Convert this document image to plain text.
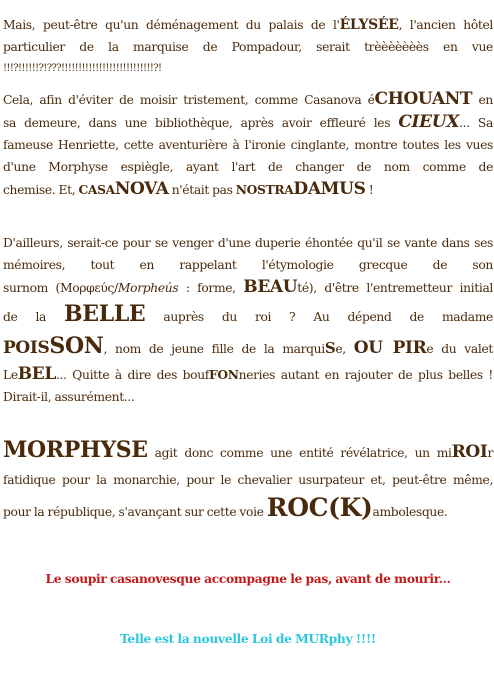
Mais, peut-être qu'un déménagement du palais de l'ÉLYSÉE, l'ancien hôtel
particulier de la marquise de Pompadour, serait trèèèèèèès en vue
!!!?!!!!!!?!???!!!!!!!!!!!!!!!!!!!!!!!!!!!?!
Cela, afin d'éviter de moisir tristement, comme Casanova éCHOUANT en
sa demeure, dans une bibliothèque, après avoir effleuré les CIEUX... Sa
fameuse Henriette, cette aventurière à l'ironie cinglante, montre toutes les vues
d'une Morphyse espiègle, ayant l'art de changer de nom comme de
chemise. Et, CASANOVA n'était pas NOSTRADAMUS !
D'ailleurs, serait-ce pour se venger d'une duperie éhontée qu'il se vante dans ses
mémoires, tout en rappelant l'étymologie grecque de son
surnom (Μορφεύς/Morpheús : forme, BEAUté), d'être l'entremetteur initial
de la BELLE auprès du roi ? Au dépend de madame
POISSON, nom de jeune fille de la marquiSe, OU PIRe du valet
LeBEL... Quitte à dire des boufFONneries autant en rajouter de plus belles !
Dirait-il, assurément...
MORPHYSE agit donc comme une entité révélatrice, un miROIr
fatidique pour la monarchie, pour le chevalier usurpateur et, peut-être même,
pour la république, s'avançant sur cette voie ROC(K)ambolesque.
Le soupir casanovesque accompagne le pas, avant de mourir...
Telle est la nouvelle Loi de MURphy !!!!
